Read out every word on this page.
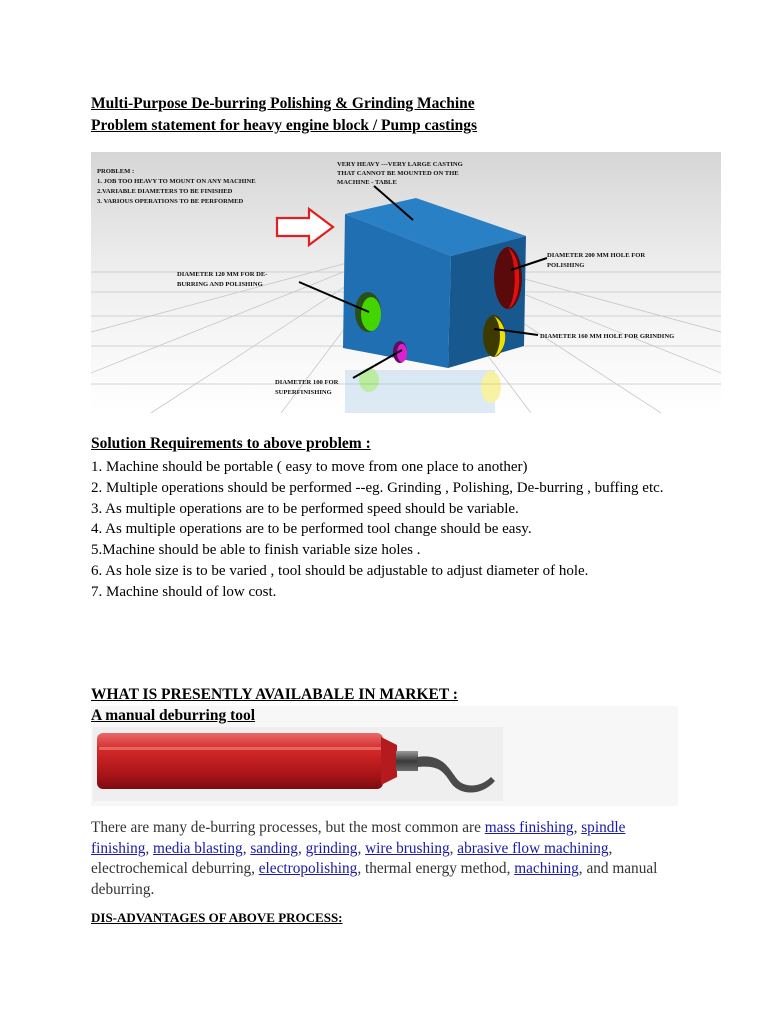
Multi-Purpose De-burring Polishing & Grinding Machine
Problem statement for heavy engine block / Pump castings
PROBLEM :
1. JOB TOO HEAVY TO MOUNT ON ANY MACHINE
2.VARIABLE DIAMETERS TO BE FINISHED
3. VARIOUS OPERATIONS TO BE PERFORMED
VERY HEAVY ---VERY LARGE CASTING
THAT CANNOT BE MOUNTED ON THE
MACHINE - TABLE
DIAMETER 120 MM FOR DE-
BURRING AND POLISHING
DIAMETER 200 MM HOLE FOR
POLISHING
DIAMETER 160 MM HOLE FOR GRINDING
DIAMETER 100 FOR
SUPERFINISHING
Solution Requirements to above problem :
1. Machine should be portable ( easy to move from one place to another)
2. Multiple operations should be performed --eg. Grinding , Polishing, De-burring , buffing etc.
3. As multiple operations are to be performed speed should be variable.
4. As multiple operations are to be performed tool change should be easy.
5.Machine should be able to finish variable size holes .
6. As hole size is to be varied , tool should be adjustable to adjust diameter of hole.
7. Machine should of low cost.
WHAT IS PRESENTLY AVAILABALE IN MARKET :
A manual deburring tool
There are many de-burring processes, but the most common are mass finishing, spindle finishing, media blasting, sanding, grinding, wire brushing, abrasive flow machining, electrochemical deburring, electropolishing, thermal energy method, machining, and manual deburring.
DIS-ADVANTAGES OF ABOVE PROCESS:
